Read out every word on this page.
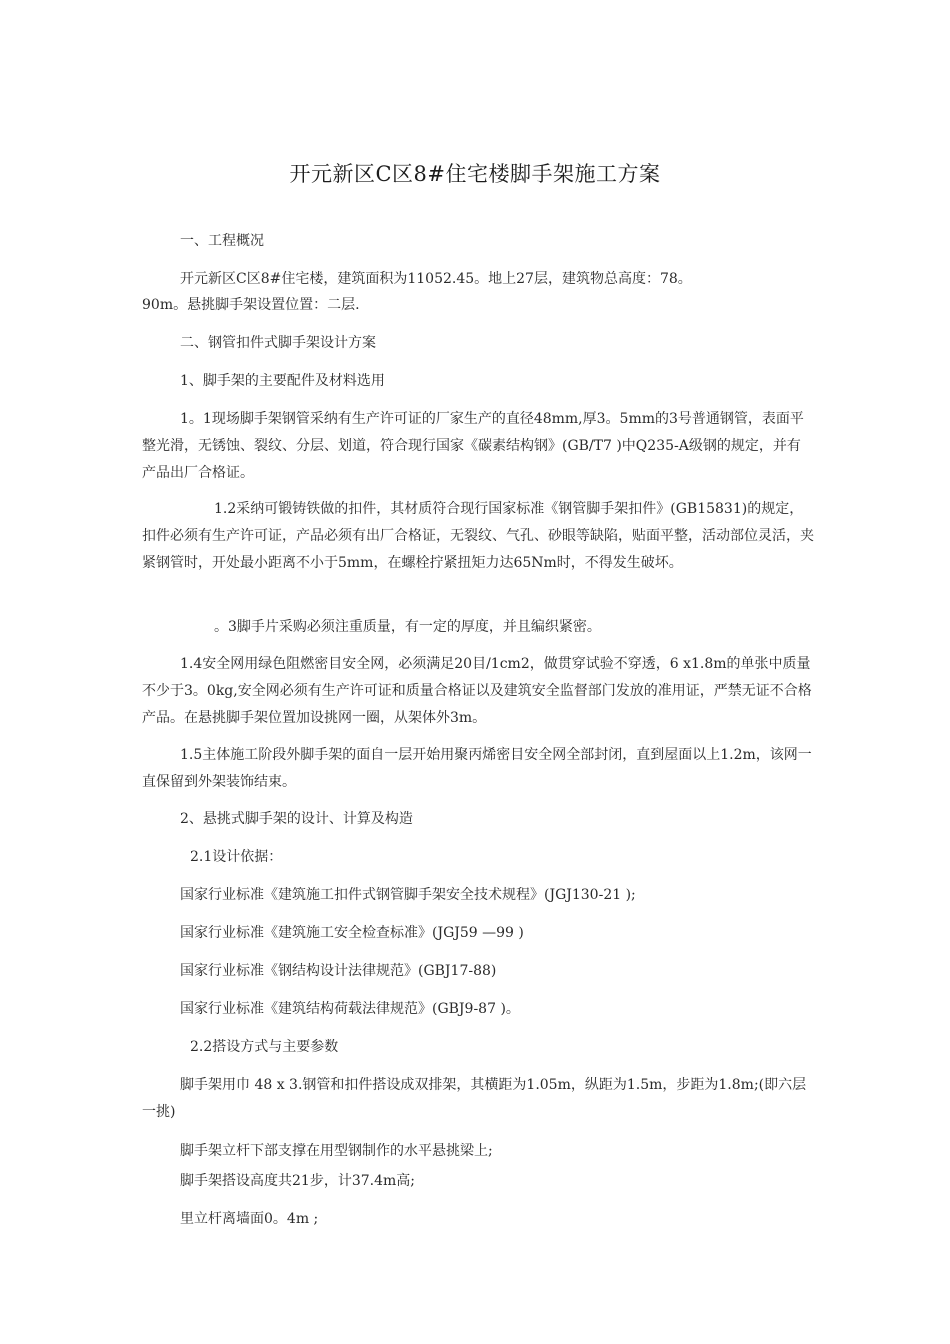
开元新区C区8#住宅楼脚手架施工方案
一、工程概况
开元新区C区8#住宅楼，建筑面积为11052.45。地上27层，建筑物总高度：78。
90m。悬挑脚手架设置位置：二层.
二、钢管扣件式脚手架设计方案
1、脚手架的主要配件及材料选用
1。1现场脚手架钢管采纳有生产许可证的厂家生产的直径48mm,厚3。5mm的3号普通钢管，表面平整光滑，无锈蚀、裂纹、分层、划道，符合现行国家《碳素结构钢》(GB/T7 )中Q235-A级钢的规定，并有产品出厂合格证。
1.2采纳可锻铸铁做的扣件，其材质符合现行国家标准《钢管脚手架扣件》(GB15831)的规定，扣件必须有生产许可证，产品必须有出厂合格证，无裂纹、气孔、砂眼等缺陷，贴面平整，活动部位灵活，夹紧钢管时，开处最小距离不小于5mm，在螺栓拧紧扭矩力达65Nm时，不得发生破坏。
。3脚手片采购必须注重质量，有一定的厚度，并且编织紧密。
1.4安全网用绿色阻燃密目安全网，必须满足20目/1cm2，做贯穿试验不穿透，6 x1.8m的单张中质量不少于3。0kg,安全网必须有生产许可证和质量合格证以及建筑安全监督部门发放的准用证，严禁无证不合格产品。在悬挑脚手架位置加设挑网一圈，从架体外3m。
1.5主体施工阶段外脚手架的面自一层开始用聚丙烯密目安全网全部封闭，直到屋面以上1.2m，该网一直保留到外架装饰结束。
2、悬挑式脚手架的设计、计算及构造
2.1设计依据：
国家行业标准《建筑施工扣件式钢管脚手架安全技术规程》(JGJ130-21 );
国家行业标准《建筑施工安全检查标准》(JGJ59 —99 )
国家行业标准《钢结构设计法律规范》(GBJ17-88)
国家行业标准《建筑结构荷载法律规范》(GBJ9-87 )。
2.2搭设方式与主要参数
脚手架用巾 48 x 3.钢管和扣件搭设成双排架，其横距为1.05m，纵距为1.5m，步距为1.8m;(即六层一挑)
脚手架立杆下部支撑在用型钢制作的水平悬挑梁上;
脚手架搭设高度共21步，计37.4m高;
里立杆离墙面0。4m ;
